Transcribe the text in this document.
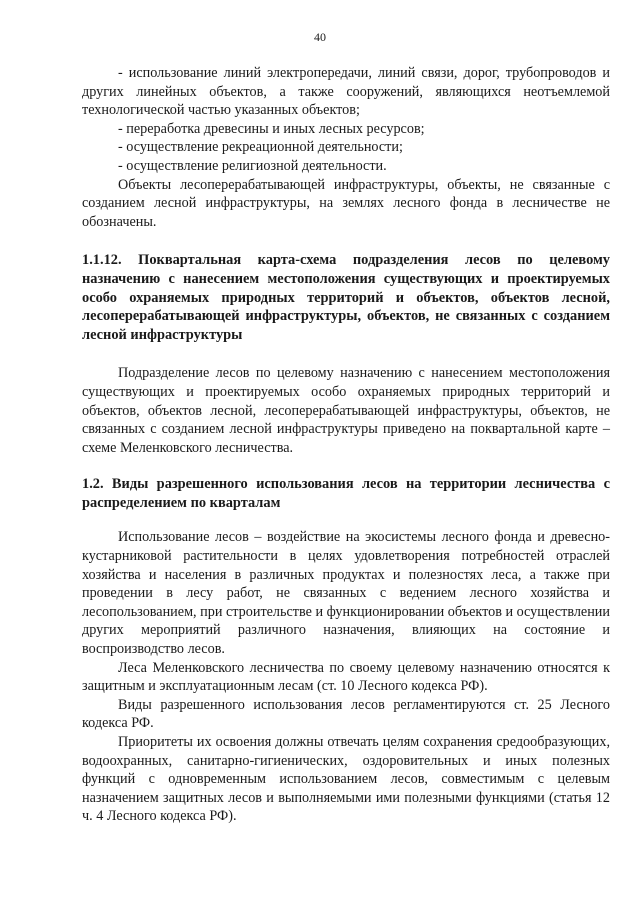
40

- использование линий электропередачи, линий связи, дорог, трубопроводов и других линейных объектов, а также сооружений, являющихся неотъемлемой технологической частью указанных объектов;

- переработка древесины и иных лесных ресурсов;

- осуществление рекреационной деятельности;

- осуществление религиозной деятельности.

Объекты лесоперерабатывающей инфраструктуры, объекты, не связанные с созданием лесной инфраструктуры, на землях лесного фонда в лесничестве не обозначены.

1.1.12. Поквартальная карта-схема подразделения лесов по целевому назначению с нанесением местоположения существующих и проектируемых особо охраняемых природных территорий и объектов, объектов лесной, лесоперерабатывающей инфраструктуры, объектов, не связанных с созданием лесной инфраструктуры

Подразделение лесов по целевому назначению с нанесением местоположения существующих и проектируемых особо охраняемых природных территорий и объектов, объектов лесной, лесоперерабатывающей инфраструктуры, объектов, не связанных с созданием лесной инфраструктуры приведено на поквартальной карте – схеме Меленковского лесничества.

1.2. Виды разрешенного использования лесов на территории лесничества с распределением по кварталам

Использование лесов – воздействие на экосистемы лесного фонда и древесно-кустарниковой растительности в целях удовлетворения потребностей отраслей хозяйства и населения в различных продуктах и полезностях леса, а также при проведении в лесу работ, не связанных с ведением лесного хозяйства и лесопользованием, при строительстве и функционировании объектов и осуществлении других мероприятий различного назначения, влияющих на состояние и воспроизводство лесов.

Леса Меленковского лесничества по своему целевому назначению относятся к защитным и эксплуатационным лесам (ст. 10 Лесного кодекса РФ).

Виды разрешенного использования лесов регламентируются ст. 25 Лесного кодекса РФ.

Приоритеты их освоения должны отвечать целям сохранения средообразующих, водоохранных, санитарно-гигиенических, оздоровительных и иных полезных функций с одновременным использованием лесов, совместимым с целевым назначением защитных лесов и выполняемыми ими полезными функциями (статья 12 ч. 4 Лесного кодекса РФ).
